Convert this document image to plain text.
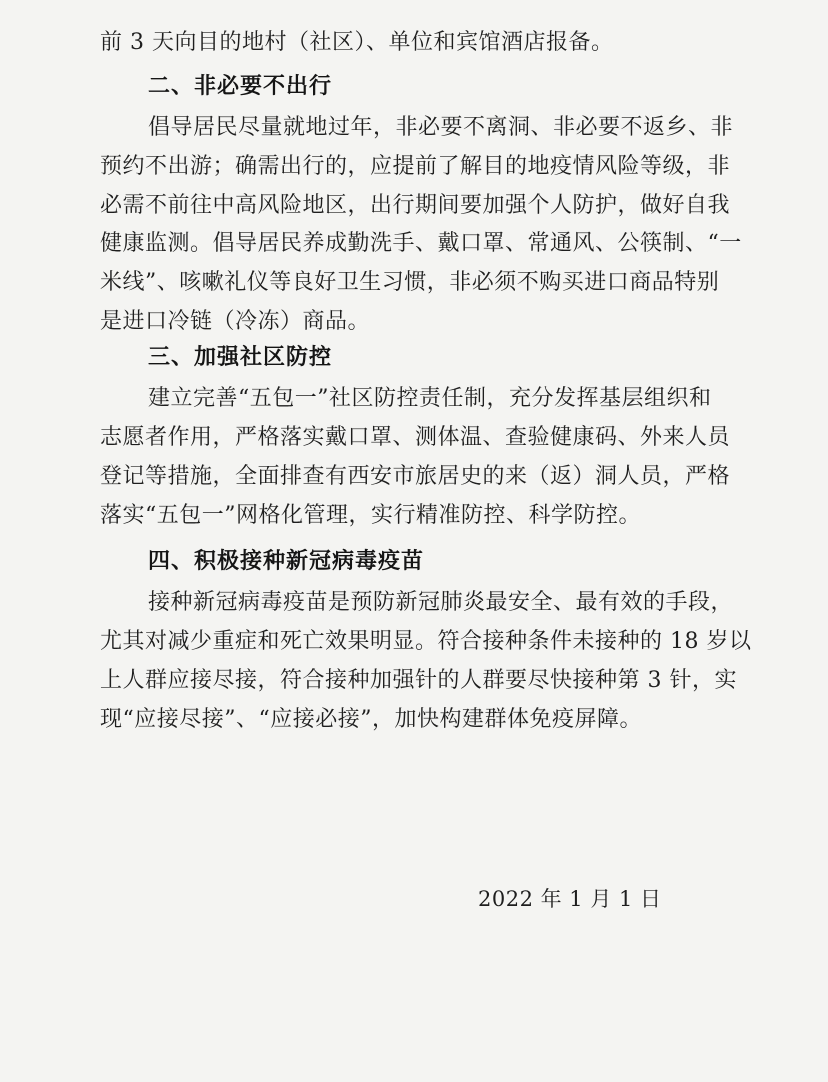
前 3 天向目的地村（社区）、单位和宾馆酒店报备。
二、非必要不出行
倡导居民尽量就地过年，非必要不离洞、非必要不返乡、非
预约不出游；确需出行的，应提前了解目的地疫情风险等级，非
必需不前往中高风险地区，出行期间要加强个人防护，做好自我
健康监测。倡导居民养成勤洗手、戴口罩、常通风、公筷制、“一
米线”、咳嗽礼仪等良好卫生习惯，非必须不购买进口商品特别
是进口冷链（冷冻）商品。
三、加强社区防控
建立完善“五包一”社区防控责任制，充分发挥基层组织和
志愿者作用，严格落实戴口罩、测体温、查验健康码、外来人员
登记等措施，全面排查有西安市旅居史的来（返）洞人员，严格
落实“五包一”网格化管理，实行精准防控、科学防控。
四、积极接种新冠病毒疫苗
接种新冠病毒疫苗是预防新冠肺炎最安全、最有效的手段，
尤其对减少重症和死亡效果明显。符合接种条件未接种的 18 岁以
上人群应接尽接，符合接种加强针的人群要尽快接种第 3 针，实
现“应接尽接”、“应接必接”，加快构建群体免疫屏障。
2022 年 1 月 1 日
